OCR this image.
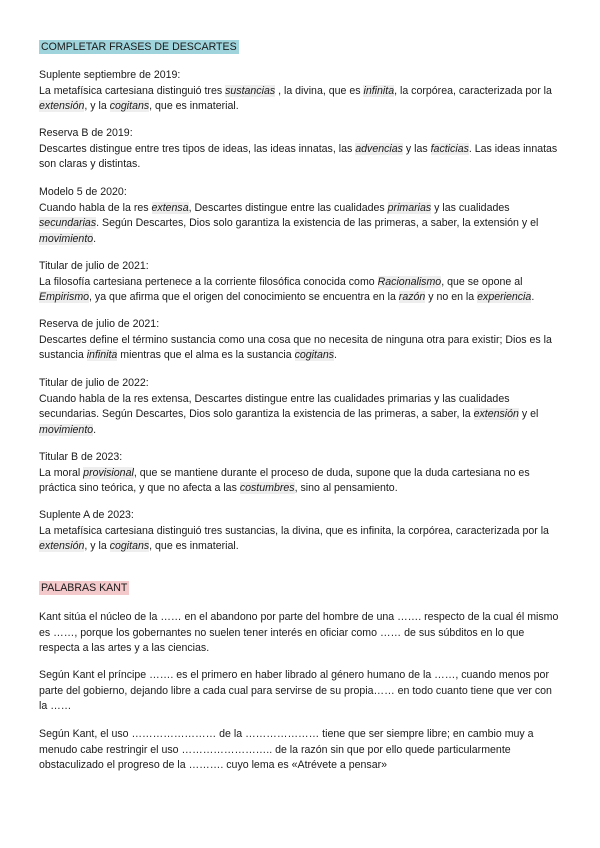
COMPLETAR FRASES DE DESCARTES

Suplente septiembre de 2019:

La metafísica cartesiana distinguió tres sustancias , la divina, que es infinita, la corpórea, caracterizada por la extensión, y la cogitans, que es inmaterial.

Reserva B de 2019:

Descartes distingue entre tres tipos de ideas, las ideas innatas, las advencias y las facticias. Las ideas innatas son claras y distintas.

Modelo 5 de 2020:

Cuando habla de la res extensa, Descartes distingue entre las cualidades primarias y las cualidades secundarias. Según Descartes, Dios solo garantiza la existencia de las primeras, a saber, la extensión y el movimiento.

Titular de julio de 2021:

La filosofía cartesiana pertenece a la corriente filosófica conocida como Racionalismo, que se opone al Empirismo, ya que afirma que el origen del conocimiento se encuentra en la razón y no en la experiencia.

Reserva de julio de 2021:

Descartes define el término sustancia como una cosa que no necesita de ninguna otra para existir; Dios es la sustancia infinita mientras que el alma es la sustancia cogitans.

Titular de julio de 2022:

Cuando habla de la res extensa, Descartes distingue entre las cualidades primarias y las cualidades secundarias. Según Descartes, Dios solo garantiza la existencia de las primeras, a saber, la extensión y el movimiento.

Titular B de 2023:

La moral provisional, que se mantiene durante el proceso de duda, supone que la duda cartesiana no es práctica sino teórica, y que no afecta a las costumbres, sino al pensamiento.

Suplente A de 2023:

La metafísica cartesiana distinguió tres sustancias, la divina, que es infinita, la corpórea, caracterizada por la extensión, y la cogitans, que es inmaterial.

PALABRAS KANT

Kant sitúa el núcleo de la …… en el abandono por parte del hombre de una ……. respecto de la cual él mismo es ……, porque los gobernantes no suelen tener interés en oficiar como …… de sus súbditos en lo que respecta a las artes y a las ciencias.

Según Kant el príncipe ……. es el primero en haber librado al género humano de la ……, cuando menos por parte del gobierno, dejando libre a cada cual para servirse de su propia…… en todo cuanto tiene que ver con la ……

Según Kant, el uso …………………… de la ………………… tiene que ser siempre libre; en cambio muy a menudo cabe restringir el uso …………………….. de la razón sin que por ello quede particularmente obstaculizado el progreso de la ………. cuyo lema es «Atrévete a pensar»
